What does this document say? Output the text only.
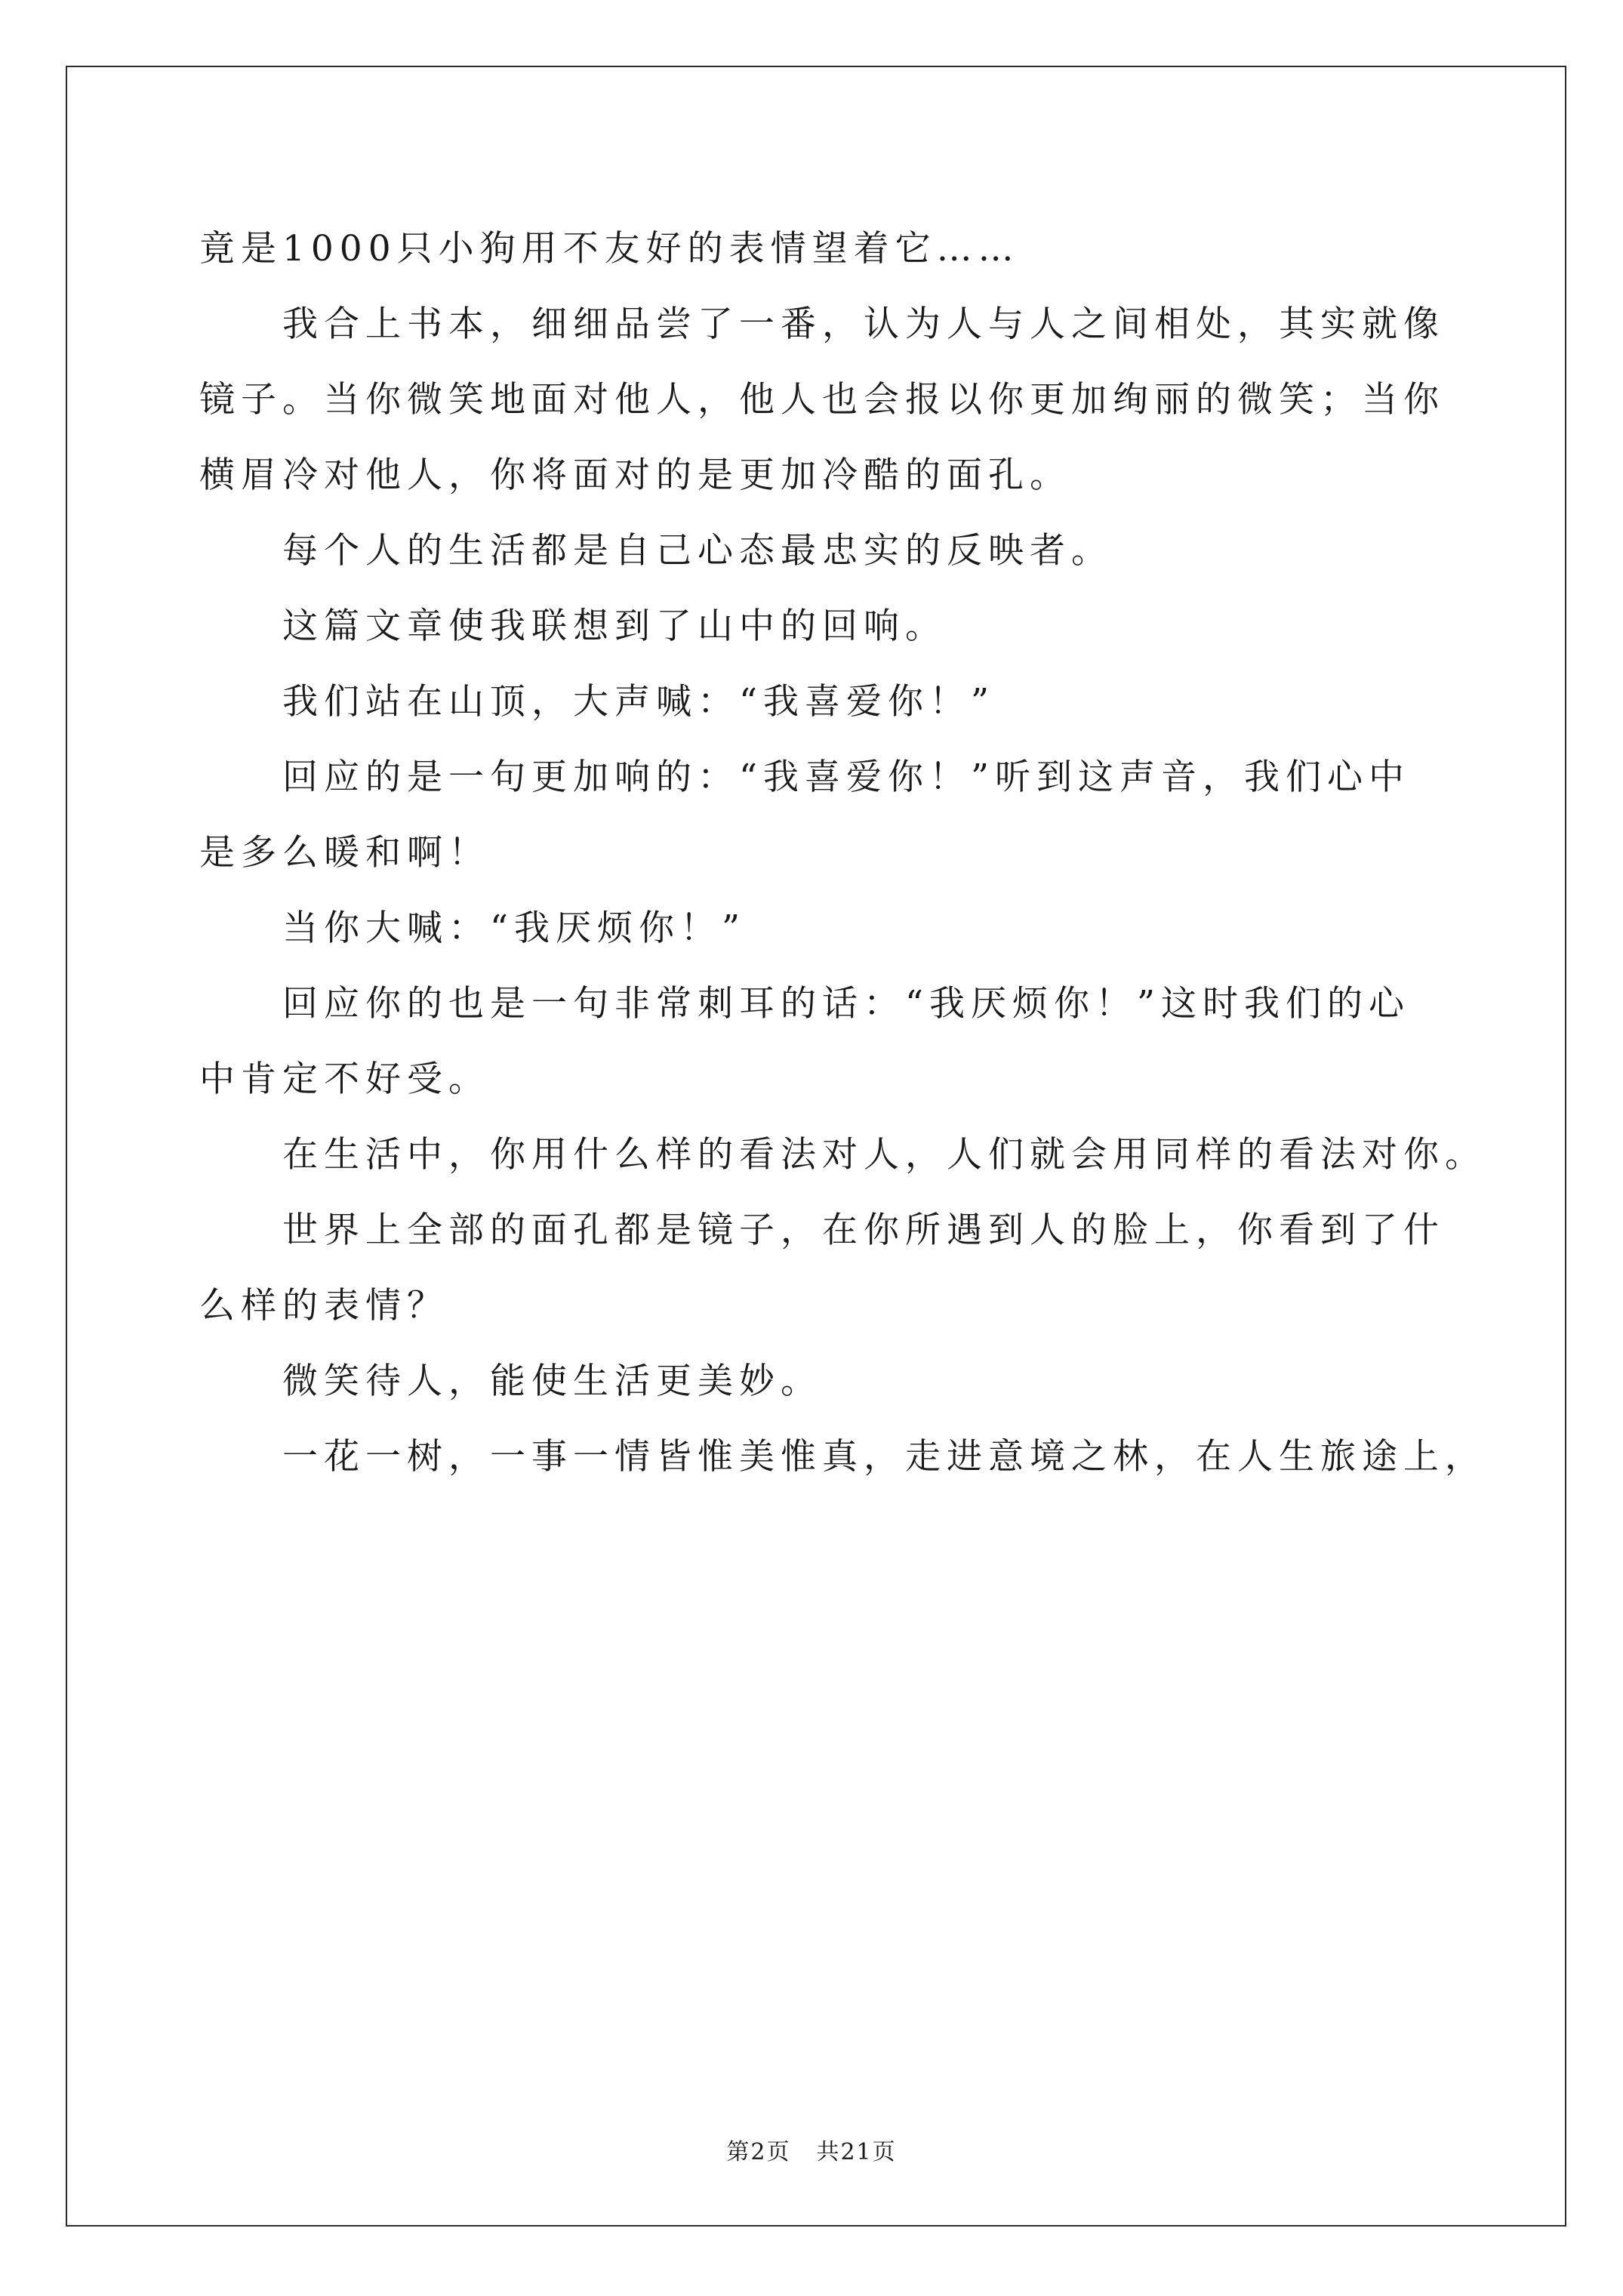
竟是1000只小狗用不友好的表情望着它……
我合上书本，细细品尝了一番，认为人与人之间相处，其实就像
镜子。当你微笑地面对他人，他人也会报以你更加绚丽的微笑；当你
横眉冷对他人，你将面对的是更加冷酷的面孔。
每个人的生活都是自己心态最忠实的反映者。
这篇文章使我联想到了山中的回响。
我们站在山顶，大声喊：“我喜爱你！”
回应的是一句更加响的：“我喜爱你！”听到这声音，我们心中
是多么暖和啊！
当你大喊：“我厌烦你！”
回应你的也是一句非常刺耳的话：“我厌烦你！”这时我们的心
中肯定不好受。
在生活中，你用什么样的看法对人，人们就会用同样的看法对你。
世界上全部的面孔都是镜子，在你所遇到人的脸上，你看到了什
么样的表情？
微笑待人，能使生活更美妙。
一花一树，一事一情皆惟美惟真，走进意境之林，在人生旅途上，
第2页 共21页
